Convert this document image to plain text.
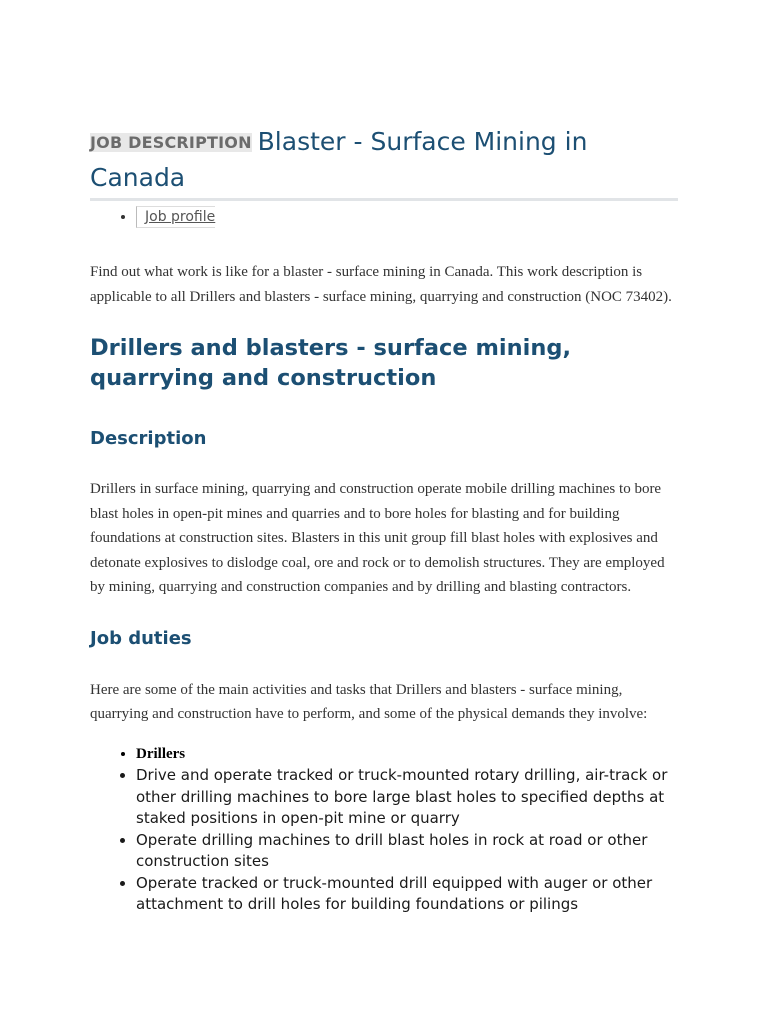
JOB DESCRIPTION Blaster - Surface Mining in Canada
• Job profile

Find out what work is like for a blaster - surface mining in Canada. This work description is applicable to all Drillers and blasters - surface mining, quarrying and construction (NOC 73402).

Drillers and blasters - surface mining, quarrying and construction
Description

Drillers in surface mining, quarrying and construction operate mobile drilling machines to bore blast holes in open-pit mines and quarries and to bore holes for blasting and for building foundations at construction sites. Blasters in this unit group fill blast holes with explosives and detonate explosives to dislodge coal, ore and rock or to demolish structures. They are employed by mining, quarrying and construction companies and by drilling and blasting contractors.

Job duties

Here are some of the main activities and tasks that Drillers and blasters - surface mining, quarrying and construction have to perform, and some of the physical demands they involve:

• Drillers
• Drive and operate tracked or truck-mounted rotary drilling, air-track or other drilling machines to bore large blast holes to specified depths at staked positions in open-pit mine or quarry
• Operate drilling machines to drill blast holes in rock at road or other construction sites
• Operate tracked or truck-mounted drill equipped with auger or other attachment to drill holes for building foundations or pilings
